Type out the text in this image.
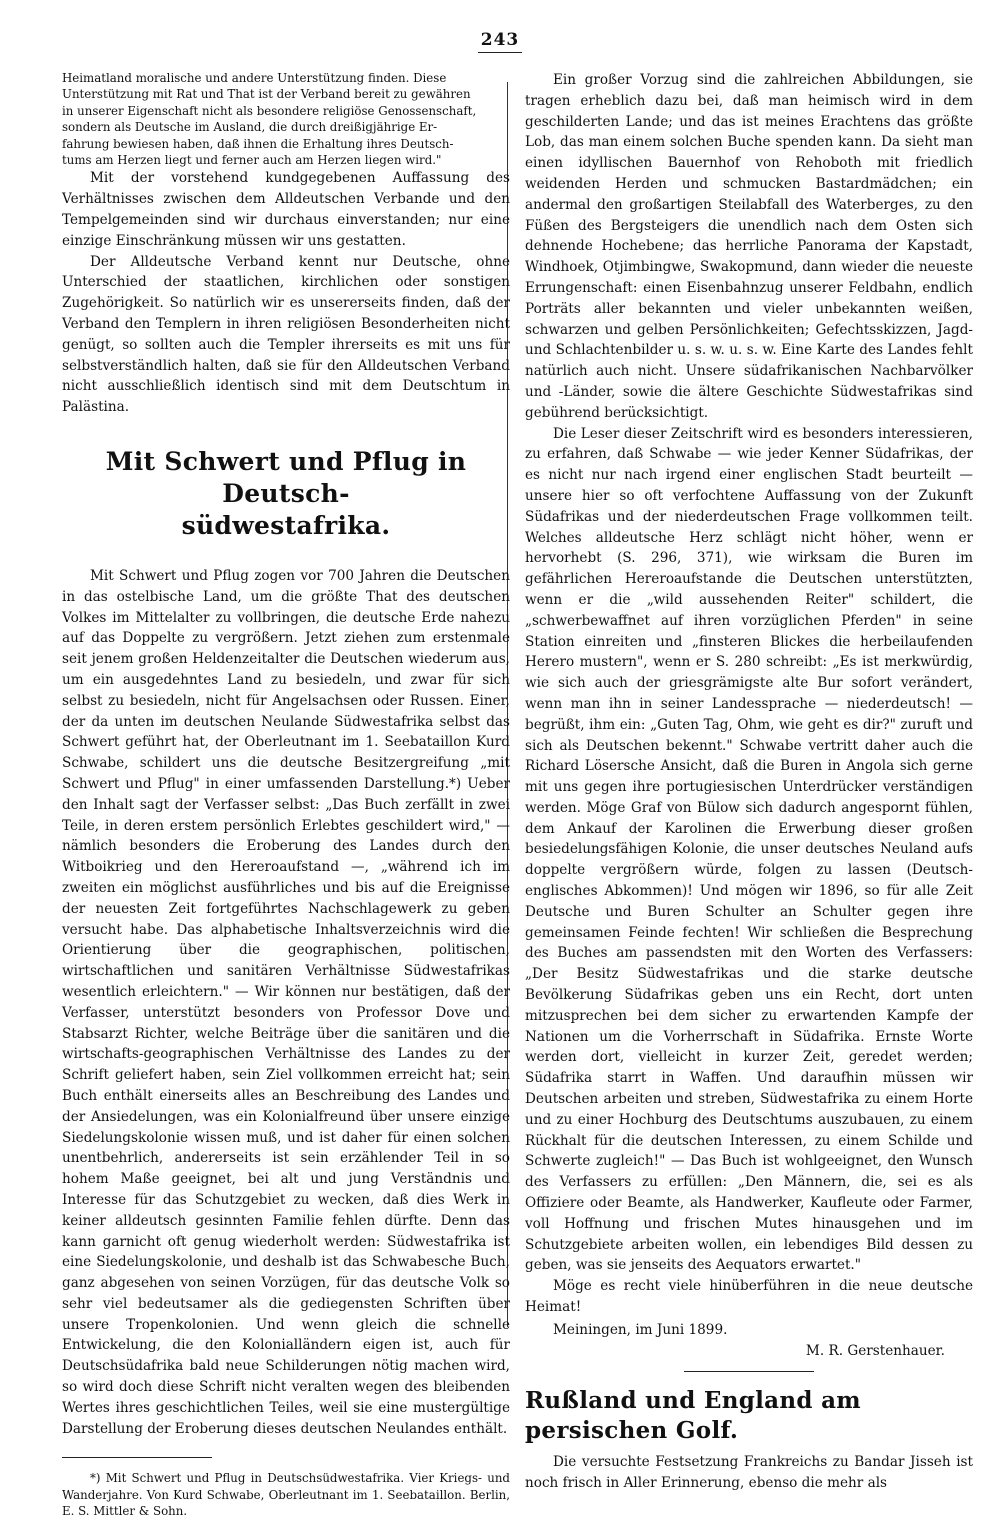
243
Heimatland moralische und andere Unterstützung finden. Diese
Unterstützung mit Rat und That ist der Verband bereit zu gewähren
in unserer Eigenschaft nicht als besondere religiöse Genossenschaft,
sondern als Deutsche im Ausland, die durch dreißigjährige Er-
fahrung bewiesen haben, daß ihnen die Erhaltung ihres Deutsch-
tums am Herzen liegt und ferner auch am Herzen liegen wird."

Mit der vorstehend kundgegebenen Auffassung des Verhältnisses zwischen dem Alldeutschen Verbande und den Tempelgemeinden sind wir durchaus einverstanden; nur eine einzige Einschränkung müssen wir uns gestatten.

Der Alldeutsche Verband kennt nur Deutsche, ohne Unterschied der staatlichen, kirchlichen oder sonstigen Zugehörigkeit. So natürlich wir es unsererseits finden, daß der Verband den Templern in ihren religiösen Besonderheiten nicht genügt, so sollten auch die Templer ihrerseits es mit uns für selbstverständlich halten, daß sie für den Alldeutschen Verband nicht ausschließlich identisch sind mit dem Deutschtum in Palästina.

Mit Schwert und Pflug in Deutsch-
südwestafrika.

Mit Schwert und Pflug zogen vor 700 Jahren die Deutschen in das ostelbische Land, um die größte That des deutschen Volkes im Mittelalter zu vollbringen, die deutsche Erde nahezu auf das Doppelte zu vergrößern. Jetzt ziehen zum erstenmale seit jenem großen Heldenzeitalter die Deutschen wiederum aus, um ein ausgedehntes Land zu besiedeln, und zwar für sich selbst zu besiedeln, nicht für Angelsachsen oder Russen. Einer, der da unten im deutschen Neulande Südwestafrika selbst das Schwert geführt hat, der Oberleutnant im 1. Seebataillon Kurd Schwabe, schildert uns die deutsche Besitzergreifung „mit Schwert und Pflug" in einer umfassenden Darstellung.*) Ueber den Inhalt sagt der Verfasser selbst: „Das Buch zerfällt in zwei Teile, in deren erstem persönlich Erlebtes geschildert wird," — nämlich besonders die Eroberung des Landes durch den Witboikrieg und den Hereroaufstand —, „während ich im zweiten ein möglichst ausführliches und bis auf die Ereignisse der neuesten Zeit fortgeführtes Nachschlagewerk zu geben versucht habe. Das alphabetische Inhaltsverzeichnis wird die Orientierung über die geographischen, politischen, wirtschaftlichen und sanitären Verhältnisse Südwestafrikas wesentlich erleichtern." — Wir können nur bestätigen, daß der Verfasser, unterstützt besonders von Professor Dove und Stabsarzt Richter, welche Beiträge über die sanitären und die wirtschafts-geographischen Verhältnisse des Landes zu der Schrift geliefert haben, sein Ziel vollkommen erreicht hat; sein Buch enthält einerseits alles an Beschreibung des Landes und der Ansiedelungen, was ein Kolonialfreund über unsere einzige Siedelungskolonie wissen muß, und ist daher für einen solchen unentbehrlich, andererseits ist sein erzählender Teil in so hohem Maße geeignet, bei alt und jung Verständnis und Interesse für das Schutzgebiet zu wecken, daß dies Werk in keiner alldeutsch gesinnten Familie fehlen dürfte. Denn das kann garnicht oft genug wiederholt werden: Südwestafrika ist eine Siedelungskolonie, und deshalb ist das Schwabesche Buch, ganz abgesehen von seinen Vorzügen, für das deutsche Volk so sehr viel bedeutsamer als die gediegensten Schriften über unsere Tropenkolonien. Und wenn gleich die schnelle Entwickelung, die den Kolonialländern eigen ist, auch für Deutschsüdafrika bald neue Schilderungen nötig machen wird, so wird doch diese Schrift nicht veralten wegen des bleibenden Wertes ihres geschichtlichen Teiles, weil sie eine mustergültige Darstellung der Eroberung dieses deutschen Neulandes enthält.

*) Mit Schwert und Pflug in Deutschsüdwestafrika. Vier Kriegs- und Wanderjahre. Von Kurd Schwabe, Oberleutnant im 1. Seebataillon. Berlin, E. S. Mittler & Sohn.

Ein großer Vorzug sind die zahlreichen Abbildungen, sie tragen erheblich dazu bei, daß man heimisch wird in dem geschilderten Lande; und das ist meines Erachtens das größte Lob, das man einem solchen Buche spenden kann. Da sieht man einen idyllischen Bauernhof von Rehoboth mit friedlich weidenden Herden und schmucken Bastardmädchen; ein andermal den großartigen Steilabfall des Waterberges, zu den Füßen des Bergsteigers die unendlich nach dem Osten sich dehnende Hochebene; das herrliche Panorama der Kapstadt, Windhoek, Otjimbingwe, Swakopmund, dann wieder die neueste Errungenschaft: einen Eisenbahnzug unserer Feldbahn, endlich Porträts aller bekannten und vieler unbekannten weißen, schwarzen und gelben Persönlichkeiten; Gefechtsskizzen, Jagd- und Schlachtenbilder u. s. w. u. s. w. Eine Karte des Landes fehlt natürlich auch nicht. Unsere südafrikanischen Nachbarvölker und -Länder, sowie die ältere Geschichte Südwestafrikas sind gebührend berücksichtigt.

Die Leser dieser Zeitschrift wird es besonders interessieren, zu erfahren, daß Schwabe — wie jeder Kenner Südafrikas, der es nicht nur nach irgend einer englischen Stadt beurteilt — unsere hier so oft verfochtene Auffassung von der Zukunft Südafrikas und der niederdeutschen Frage vollkommen teilt. Welches alldeutsche Herz schlägt nicht höher, wenn er hervorhebt (S. 296, 371), wie wirksam die Buren im gefährlichen Hereroaufstande die Deutschen unterstützten, wenn er die „wild aussehenden Reiter" schildert, die „schwerbewaffnet auf ihren vorzüglichen Pferden" in seine Station einreiten und „finsteren Blickes die herbeilaufenden Herero mustern", wenn er S. 280 schreibt: „Es ist merkwürdig, wie sich auch der griesgrämigste alte Bur sofort verändert, wenn man ihn in seiner Landessprache — niederdeutsch! — begrüßt, ihm ein: „Guten Tag, Ohm, wie geht es dir?" zuruft und sich als Deutschen bekennt." Schwabe vertritt daher auch die Richard Lösersche Ansicht, daß die Buren in Angola sich gerne mit uns gegen ihre portugiesischen Unterdrücker verständigen werden. Möge Graf von Bülow sich dadurch angespornt fühlen, dem Ankauf der Karolinen die Erwerbung dieser großen besiedelungsfähigen Kolonie, die unser deutsches Neuland aufs doppelte vergrößern würde, folgen zu lassen (Deutsch-englisches Abkommen)! Und mögen wir 1896, so für alle Zeit Deutsche und Buren Schulter an Schulter gegen ihre gemeinsamen Feinde fechten! Wir schließen die Besprechung des Buches am passendsten mit den Worten des Verfassers: „Der Besitz Südwestafrikas und die starke deutsche Bevölkerung Südafrikas geben uns ein Recht, dort unten mitzusprechen bei dem sicher zu erwartenden Kampfe der Nationen um die Vorherrschaft in Südafrika. Ernste Worte werden dort, vielleicht in kurzer Zeit, geredet werden; Südafrika starrt in Waffen. Und daraufhin müssen wir Deutschen arbeiten und streben, Südwestafrika zu einem Horte und zu einer Hochburg des Deutschtums auszubauen, zu einem Rückhalt für die deutschen Interessen, zu einem Schilde und Schwerte zugleich!" — Das Buch ist wohlgeeignet, den Wunsch des Verfassers zu erfüllen: „Den Männern, die, sei es als Offiziere oder Beamte, als Handwerker, Kaufleute oder Farmer, voll Hoffnung und frischen Mutes hinausgehen und im Schutzgebiete arbeiten wollen, ein lebendiges Bild dessen zu geben, was sie jenseits des Aequators erwartet."

Möge es recht viele hinüberführen in die neue deutsche Heimat!

Meiningen, im Juni 1899.

M. R. Gerstenhauer.

Rußland und England am persischen Golf.

Die versuchte Festsetzung Frankreichs zu Bandar Jisseh ist noch frisch in Aller Erinnerung, ebenso die mehr als
